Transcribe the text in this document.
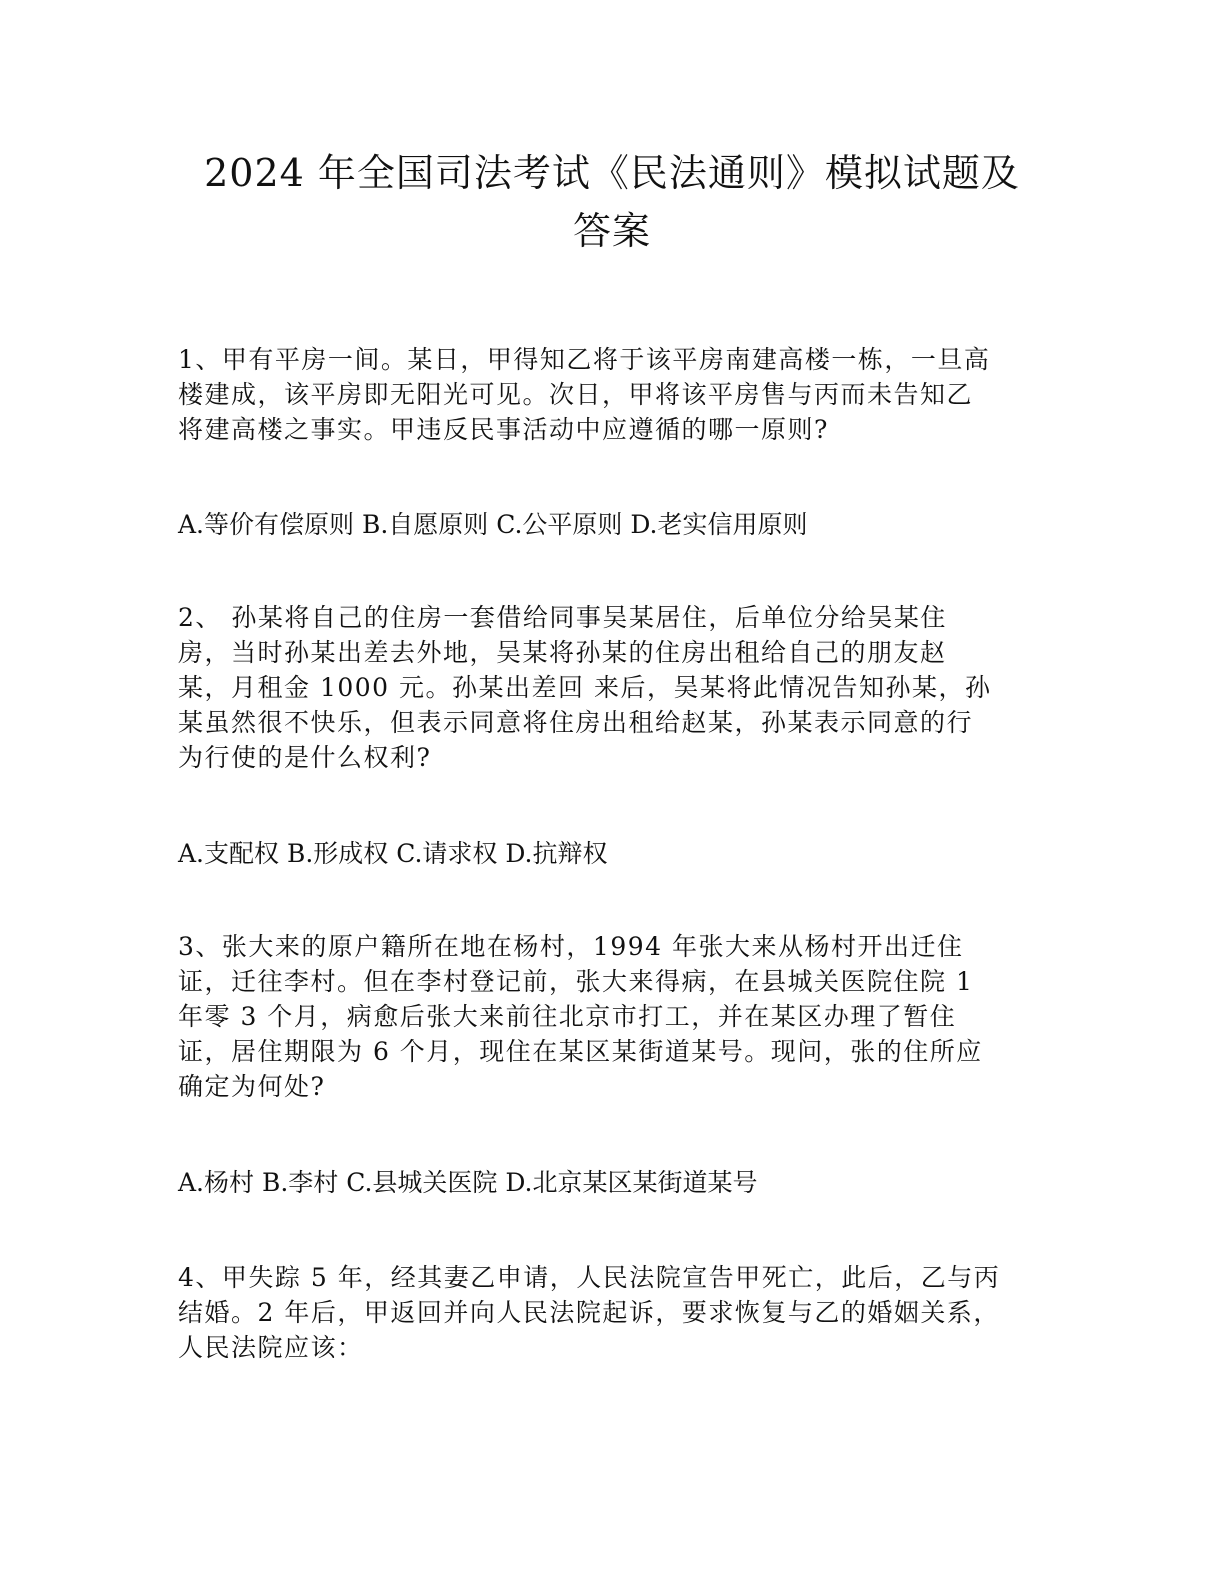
2024 年全国司法考试《民法通则》模拟试题及
答案
1、甲有平房一间。某日，甲得知乙将于该平房南建高楼一栋，一旦高
楼建成，该平房即无阳光可见。次日，甲将该平房售与丙而未告知乙
将建高楼之事实。甲违反民事活动中应遵循的哪一原则?
A.等价有偿原则 B.自愿原则 C.公平原则 D.老实信用原则
2、 孙某将自己的住房一套借给同事吴某居住，后单位分给吴某住
房，当时孙某出差去外地，吴某将孙某的住房出租给自己的朋友赵
某，月租金 1000 元。孙某出差回 来后，吴某将此情况告知孙某，孙
某虽然很不快乐，但表示同意将住房出租给赵某，孙某表示同意的行
为行使的是什么权利?
A.支配权 B.形成权 C.请求权 D.抗辩权
3、张大来的原户籍所在地在杨村，1994 年张大来从杨村开出迁住
证，迁往李村。但在李村登记前，张大来得病，在县城关医院住院 1
年零 3 个月，病愈后张大来前往北京市打工，并在某区办理了暂住
证，居住期限为 6 个月，现住在某区某街道某号。现问，张的住所应
确定为何处?
A.杨村 B.李村 C.县城关医院 D.北京某区某街道某号
4、甲失踪 5 年，经其妻乙申请，人民法院宣告甲死亡，此后，乙与丙
结婚。2 年后，甲返回并向人民法院起诉，要求恢复与乙的婚姻关系，
人民法院应该：
